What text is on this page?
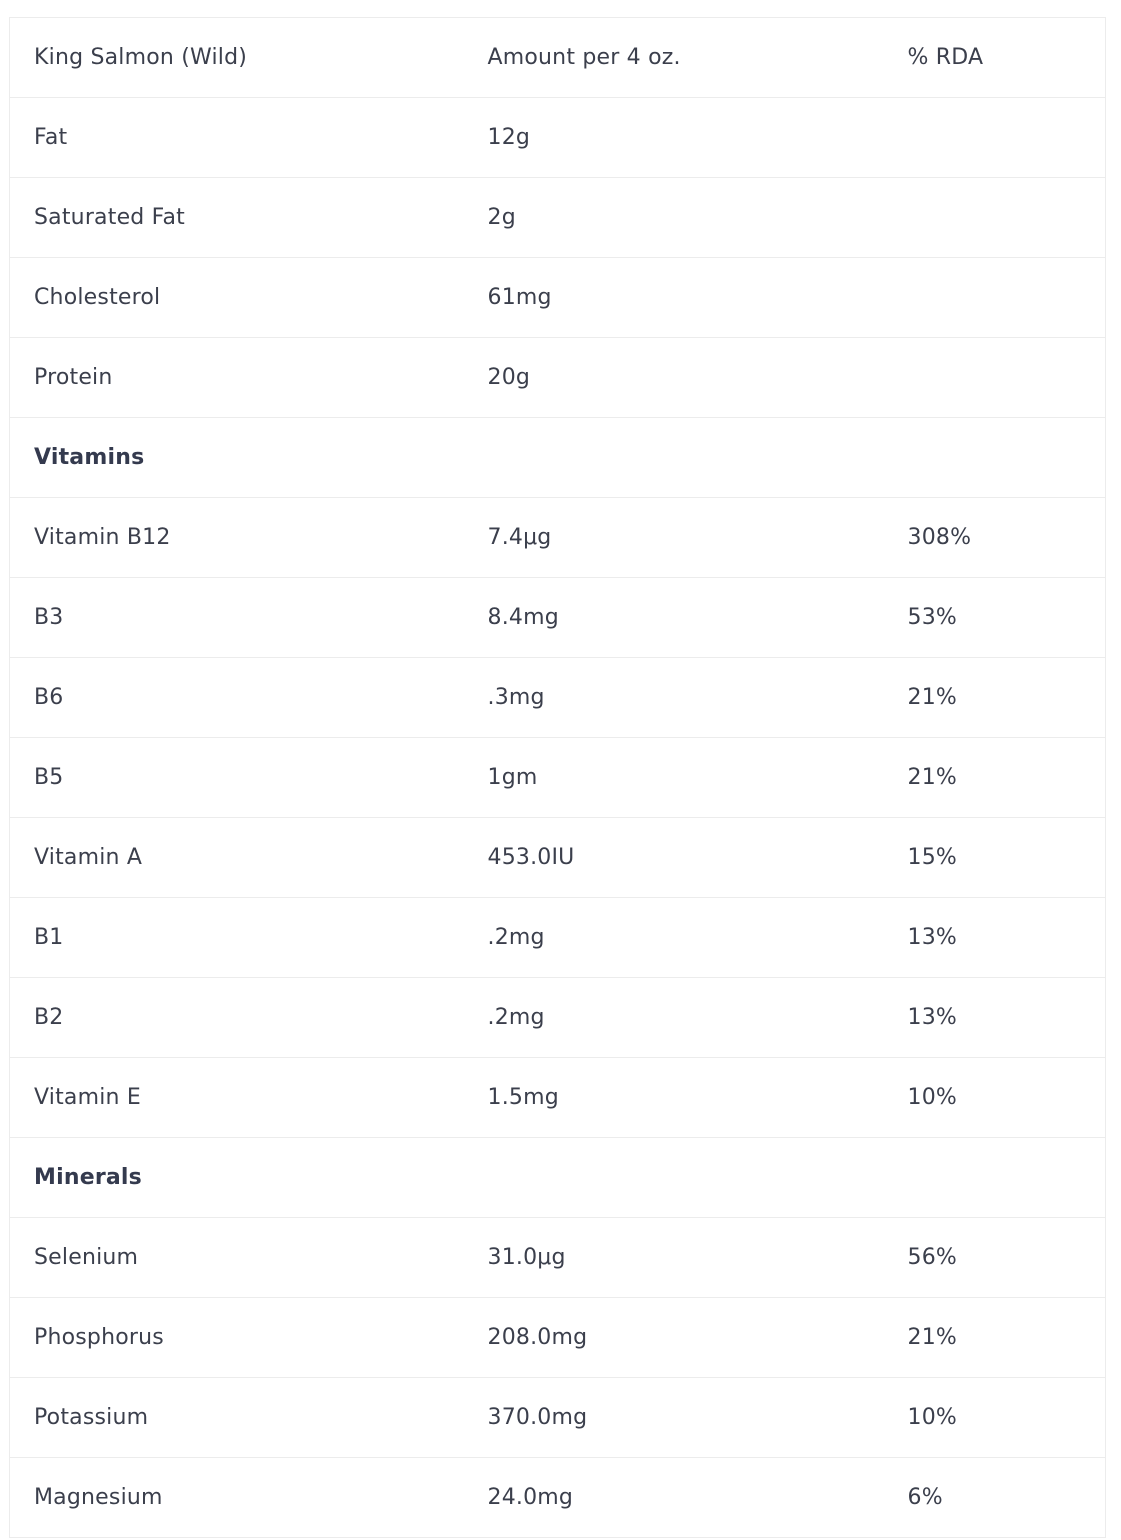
King Salmon (Wild)	Amount per 4 oz.	% RDA
Fat	12g	
Saturated Fat	2g	
Cholesterol	61mg	
Protein	20g	
Vitamins		
Vitamin B12	7.4μg	308%
B3	8.4mg	53%
B6	.3mg	21%
B5	1gm	21%
Vitamin A	453.0IU	15%
B1	.2mg	13%
B2	.2mg	13%
Vitamin E	1.5mg	10%
Minerals		
Selenium	31.0μg	56%
Phosphorus	208.0mg	21%
Potassium	370.0mg	10%
Magnesium	24.0mg	6%
